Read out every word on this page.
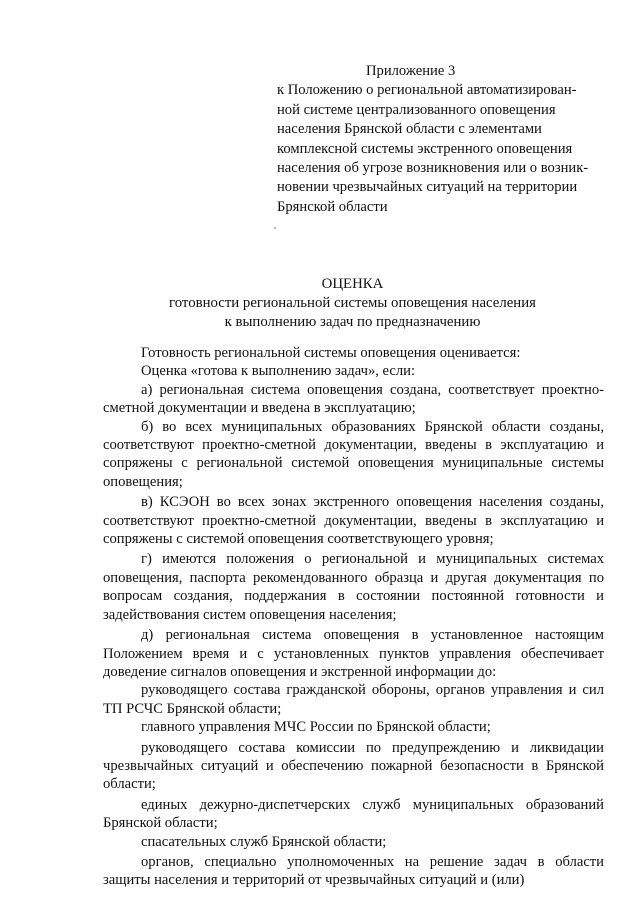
Приложение 3
к Положению о региональной автоматизирован-
ной системе централизованного оповещения
населения Брянской области с элементами
комплексной системы экстренного оповещения
населения об угрозе возникновения или о возник-
новении чрезвычайных ситуаций на территории
Брянской области
ОЦЕНКА
готовности региональной системы оповещения населения
к выполнению задач по предназначению

Готовность региональной системы оповещения оценивается:

Оценка «готова к выполнению задач», если:

а) региональная система оповещения создана, соответствует проектно-сметной документации и введена в эксплуатацию;

б) во всех муниципальных образованиях Брянской области созданы, соответствуют проектно-сметной документации, введены в эксплуатацию и сопряжены с региональной системой оповещения муниципальные системы оповещения;

в) КСЭОН во всех зонах экстренного оповещения населения созданы, соответствуют проектно-сметной документации, введены в эксплуатацию и сопряжены с системой оповещения соответствующего уровня;

г) имеются положения о региональной и муниципальных системах оповещения, паспорта рекомендованного образца и другая документация по вопросам создания, поддержания в состоянии постоянной готовности и задействования систем оповещения населения;

д) региональная система оповещения в установленное настоящим Положением время и с установленных пунктов управления обеспечивает доведение сигналов оповещения и экстренной информации до:

руководящего состава гражданской обороны, органов управления и сил ТП РСЧС Брянской области;

главного управления МЧС России по Брянской области;

руководящего состава комиссии по предупреждению и ликвидации чрезвычайных ситуаций и обеспечению пожарной безопасности в Брянской области;

единых дежурно-диспетчерских служб муниципальных образований Брянской области;

спасательных служб Брянской области;

органов, специально уполномоченных на решение задач в области защиты населения и территорий от чрезвычайных ситуаций и (или)
